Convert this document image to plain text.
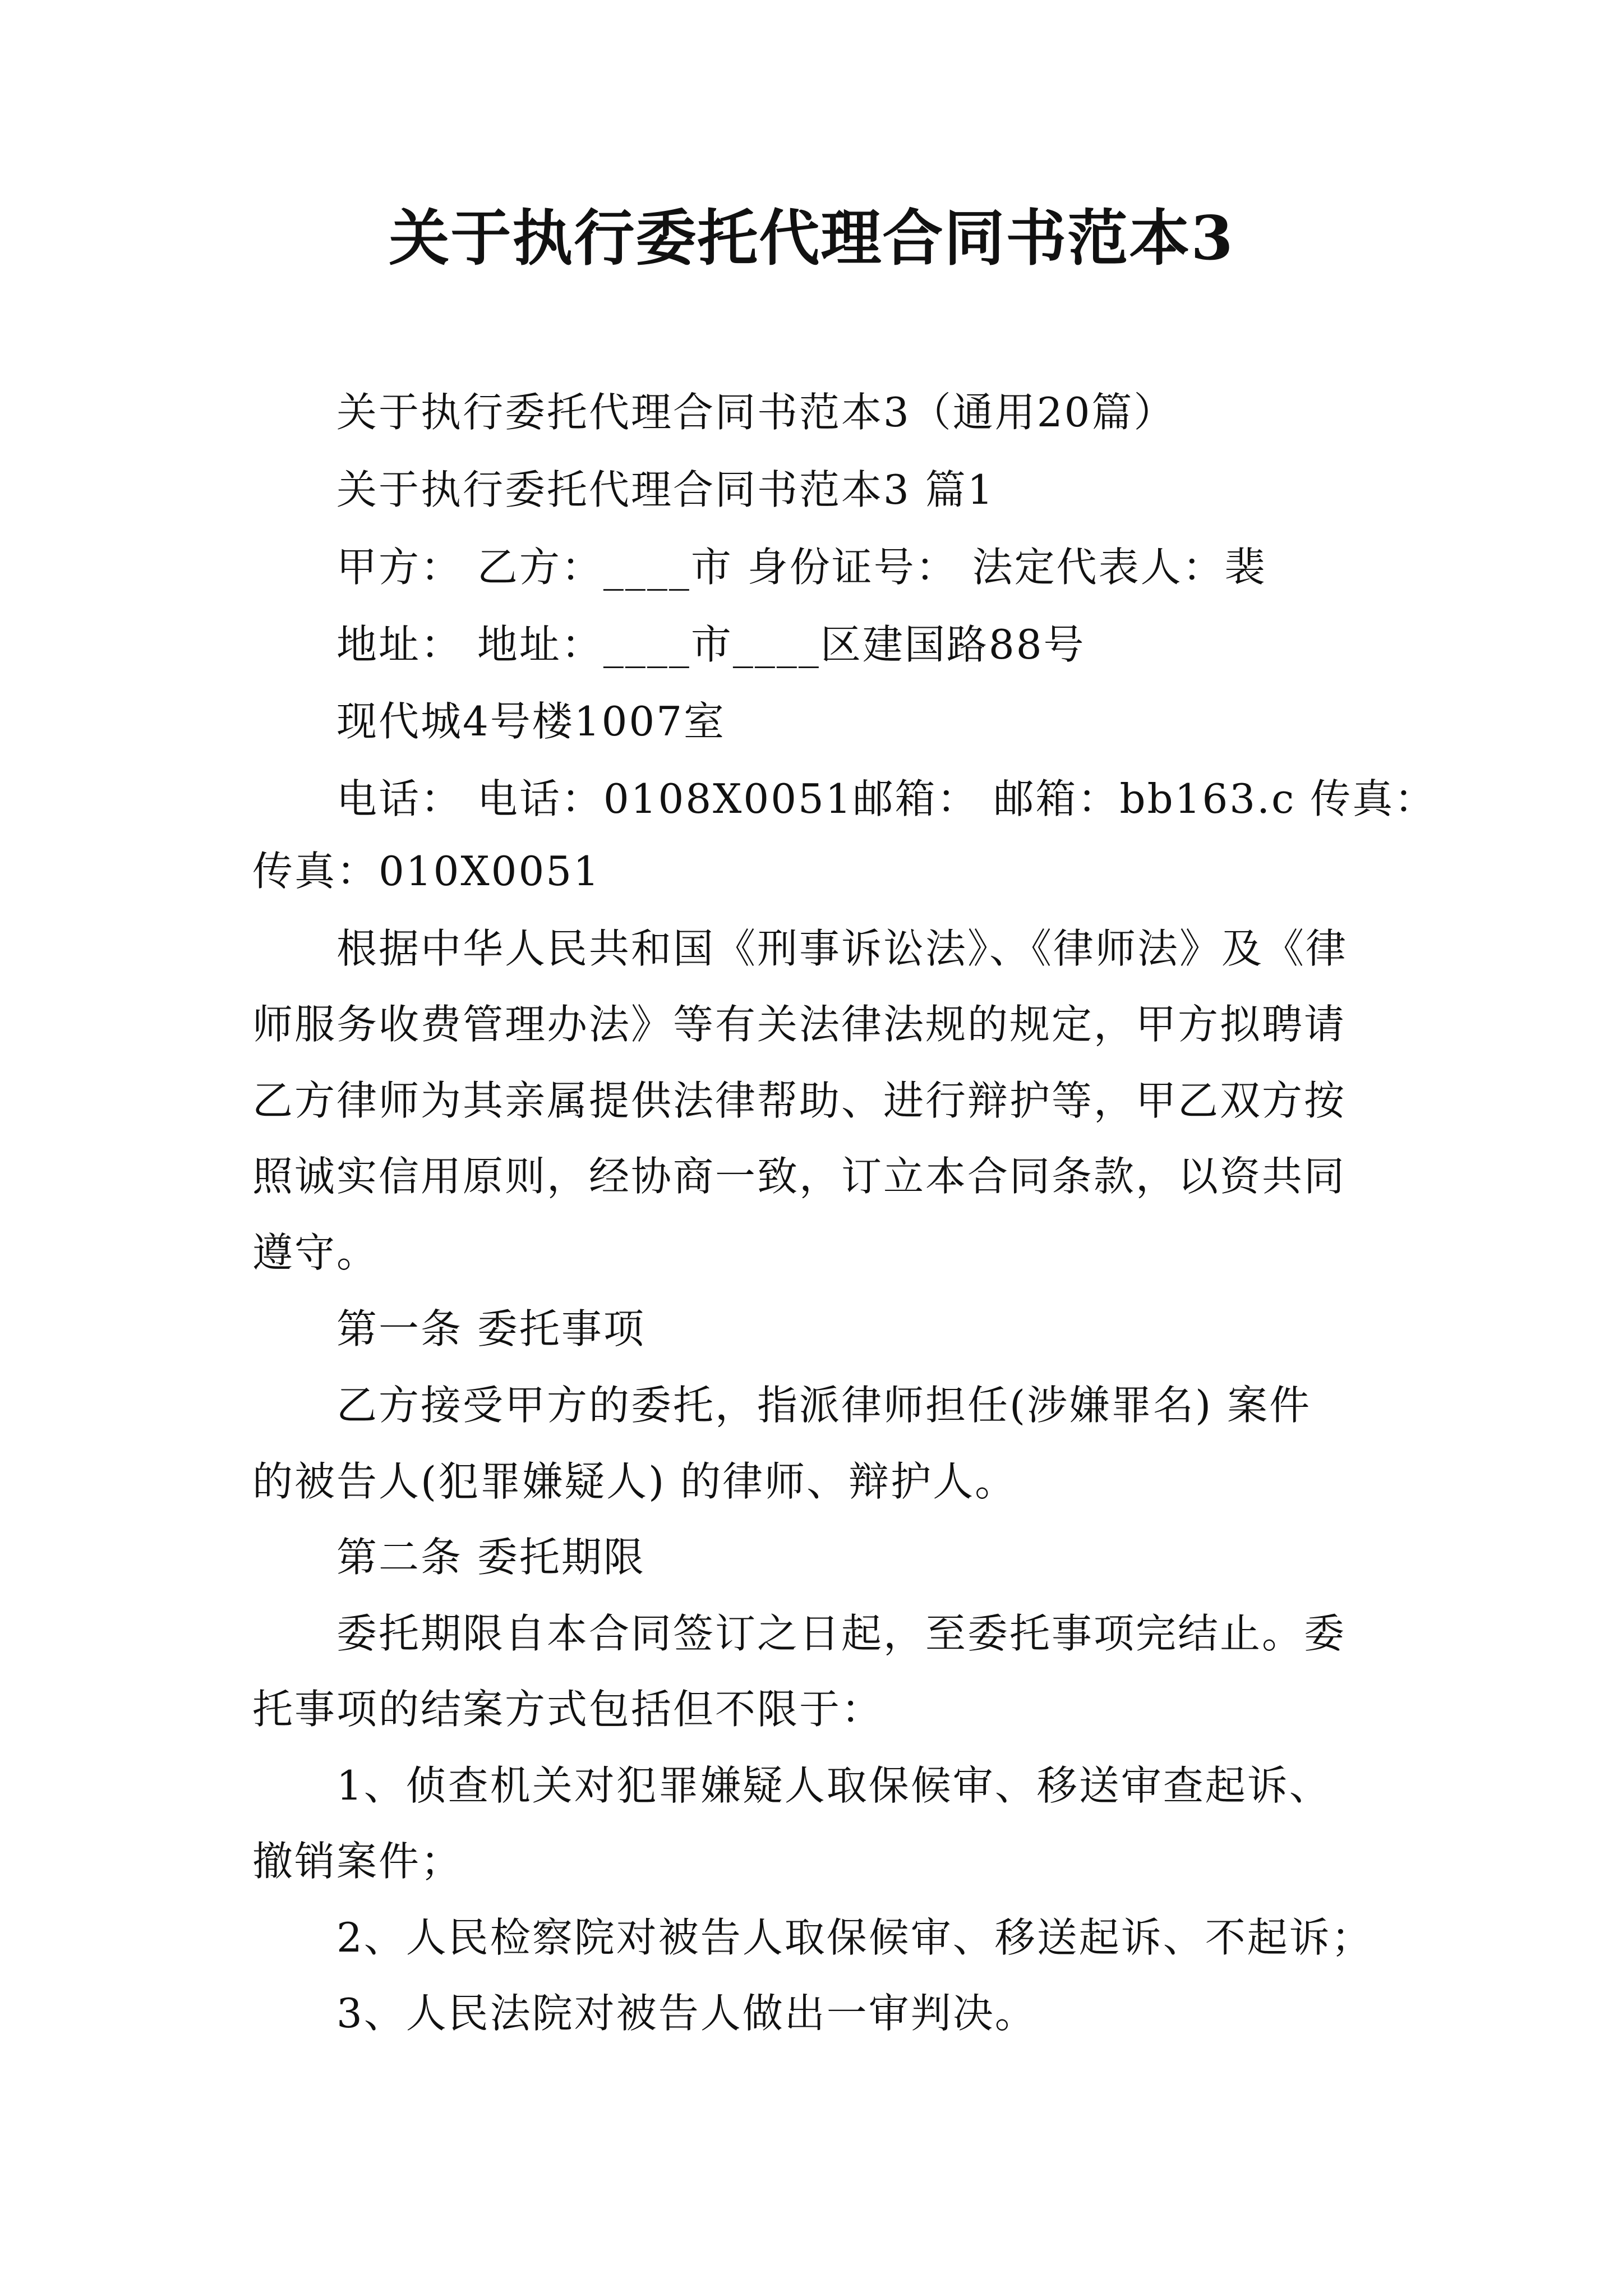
关于执行委托代理合同书范本3
关于执行委托代理合同书范本3（通用20篇）
关于执行委托代理合同书范本3 篇1
甲方： 乙方：____市 身份证号： 法定代表人：裴
地址： 地址：____市____区建国路88号
现代城4号楼1007室
电话： 电话：0108X0051邮箱： 邮箱：bb163.c 传真：
传真：010X0051
根据中华人民共和国《刑事诉讼法》、《律师法》及《律
师服务收费管理办法》等有关法律法规的规定，甲方拟聘请
乙方律师为其亲属提供法律帮助、进行辩护等，甲乙双方按
照诚实信用原则，经协商一致，订立本合同条款，以资共同
遵守。
第一条 委托事项
乙方接受甲方的委托，指派律师担任(涉嫌罪名) 案件
的被告人(犯罪嫌疑人) 的律师、辩护人。
第二条 委托期限
委托期限自本合同签订之日起，至委托事项完结止。委
托事项的结案方式包括但不限于：
1、侦查机关对犯罪嫌疑人取保候审、移送审查起诉、
撤销案件；
2、人民检察院对被告人取保候审、移送起诉、不起诉；
3、人民法院对被告人做出一审判决。
